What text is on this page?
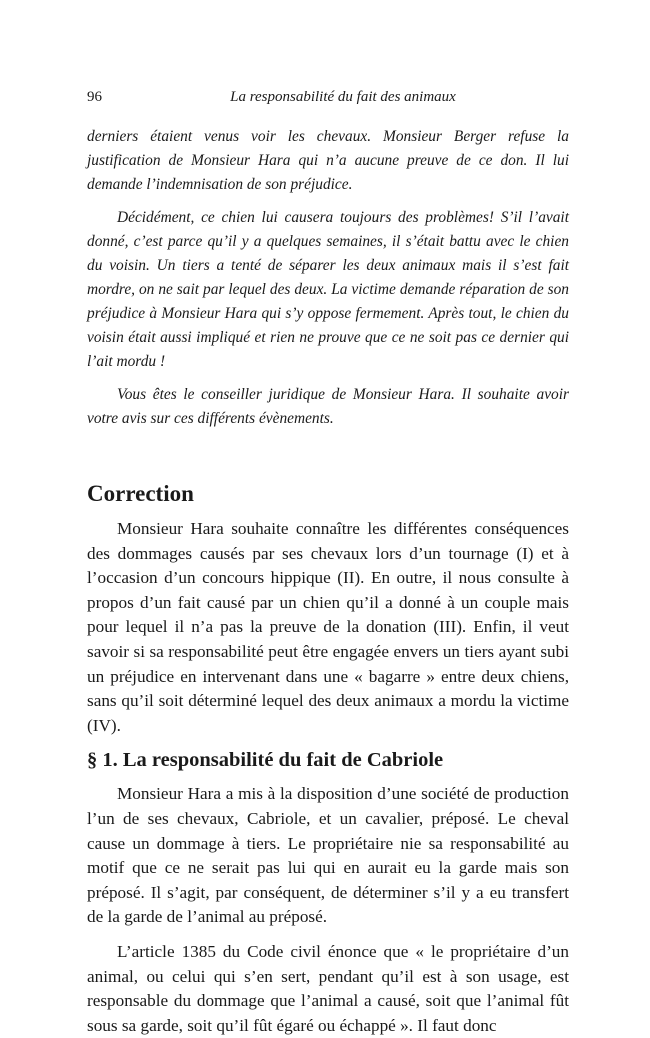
96	La responsabilité du fait des animaux

derniers étaient venus voir les chevaux. Monsieur Berger refuse la justification de Monsieur Hara qui n’a aucune preuve de ce don. Il lui demande l’indemnisation de son préjudice.

Décidément, ce chien lui causera toujours des problèmes! S’il l’avait donné, c’est parce qu’il y a quelques semaines, il s’était battu avec le chien du voisin. Un tiers a tenté de séparer les deux animaux mais il s’est fait mordre, on ne sait par lequel des deux. La victime demande réparation de son préjudice à Monsieur Hara qui s’y oppose fermement. Après tout, le chien du voisin était aussi impliqué et rien ne prouve que ce ne soit pas ce dernier qui l’ait mordu !

Vous êtes le conseiller juridique de Monsieur Hara. Il souhaite avoir votre avis sur ces différents évènements.

Correction

Monsieur Hara souhaite connaître les différentes conséquences des dommages causés par ses chevaux lors d’un tournage (I) et à l’occasion d’un concours hippique (II). En outre, il nous consulte à propos d’un fait causé par un chien qu’il a donné à un couple mais pour lequel il n’a pas la preuve de la donation (III). Enfin, il veut savoir si sa responsabilité peut être engagée envers un tiers ayant subi un préjudice en intervenant dans une « bagarre » entre deux chiens, sans qu’il soit déterminé lequel des deux animaux a mordu la victime (IV).

§ 1. La responsabilité du fait de Cabriole

Monsieur Hara a mis à la disposition d’une société de production l’un de ses chevaux, Cabriole, et un cavalier, préposé. Le cheval cause un dommage à tiers. Le propriétaire nie sa responsabilité au motif que ce ne serait pas lui qui en aurait eu la garde mais son préposé. Il s’agit, par conséquent, de déterminer s’il y a eu transfert de la garde de l’animal au préposé.

L’article 1385 du Code civil énonce que « le propriétaire d’un animal, ou celui qui s’en sert, pendant qu’il est à son usage, est responsable du dommage que l’animal a causé, soit que l’animal fût sous sa garde, soit qu’il fût égaré ou échappé ». Il faut donc
